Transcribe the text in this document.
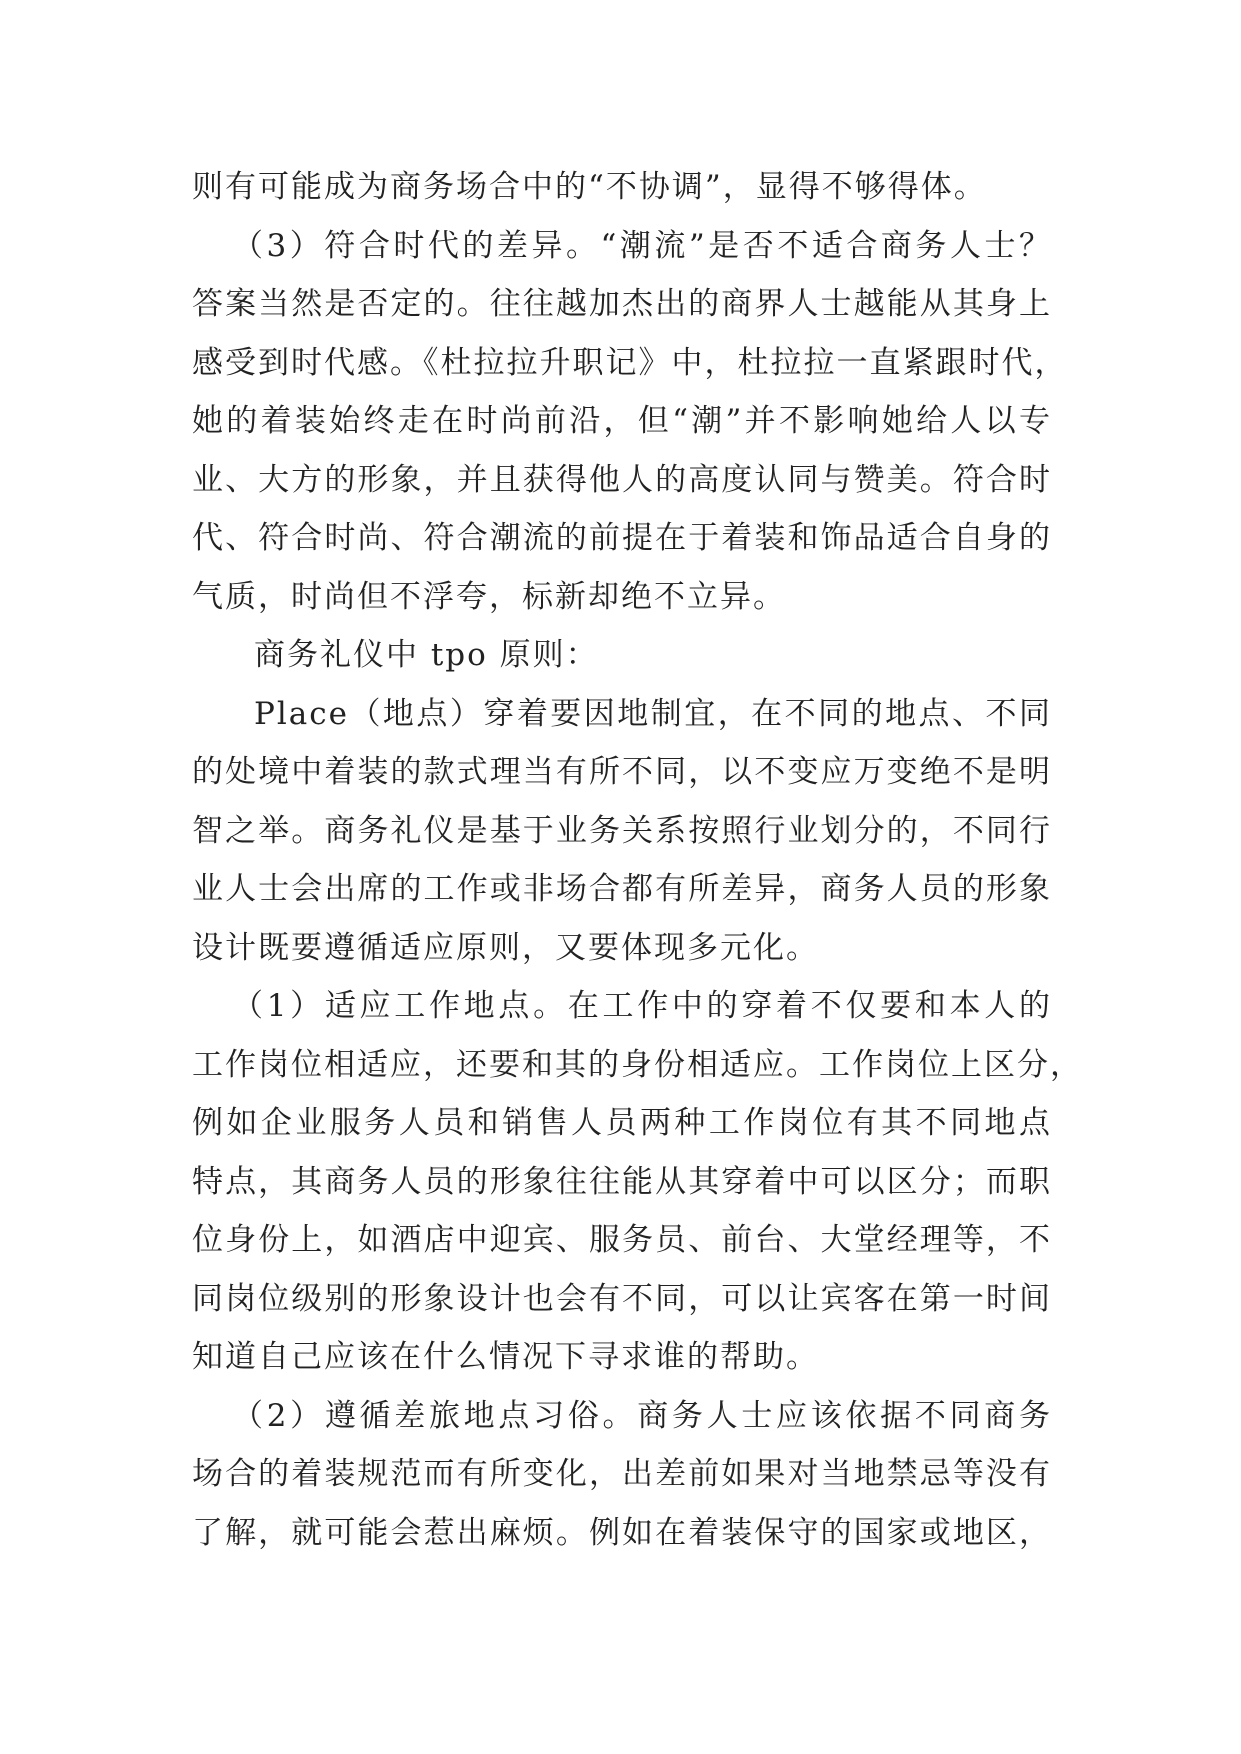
则有可能成为商务场合中的“不协调”，显得不够得体。
（3）符合时代的差异。“潮流”是否不适合商务人士？
答案当然是否定的。往往越加杰出的商界人士越能从其身上
感受到时代感。《杜拉拉升职记》中，杜拉拉一直紧跟时代，
她的着装始终走在时尚前沿，但“潮”并不影响她给人以专
业、大方的形象，并且获得他人的高度认同与赞美。符合时
代、符合时尚、符合潮流的前提在于着装和饰品适合自身的
气质，时尚但不浮夸，标新却绝不立异。
商务礼仪中 tpo 原则：
Place（地点）穿着要因地制宜，在不同的地点、不同
的处境中着装的款式理当有所不同，以不变应万变绝不是明
智之举。商务礼仪是基于业务关系按照行业划分的，不同行
业人士会出席的工作或非场合都有所差异，商务人员的形象
设计既要遵循适应原则，又要体现多元化。
（1）适应工作地点。在工作中的穿着不仅要和本人的
工作岗位相适应，还要和其的身份相适应。工作岗位上区分，
例如企业服务人员和销售人员两种工作岗位有其不同地点
特点，其商务人员的形象往往能从其穿着中可以区分；而职
位身份上，如酒店中迎宾、服务员、前台、大堂经理等，不
同岗位级别的形象设计也会有不同，可以让宾客在第一时间
知道自己应该在什么情况下寻求谁的帮助。
（2）遵循差旅地点习俗。商务人士应该依据不同商务
场合的着装规范而有所变化，出差前如果对当地禁忌等没有
了解，就可能会惹出麻烦。例如在着装保守的国家或地区，
